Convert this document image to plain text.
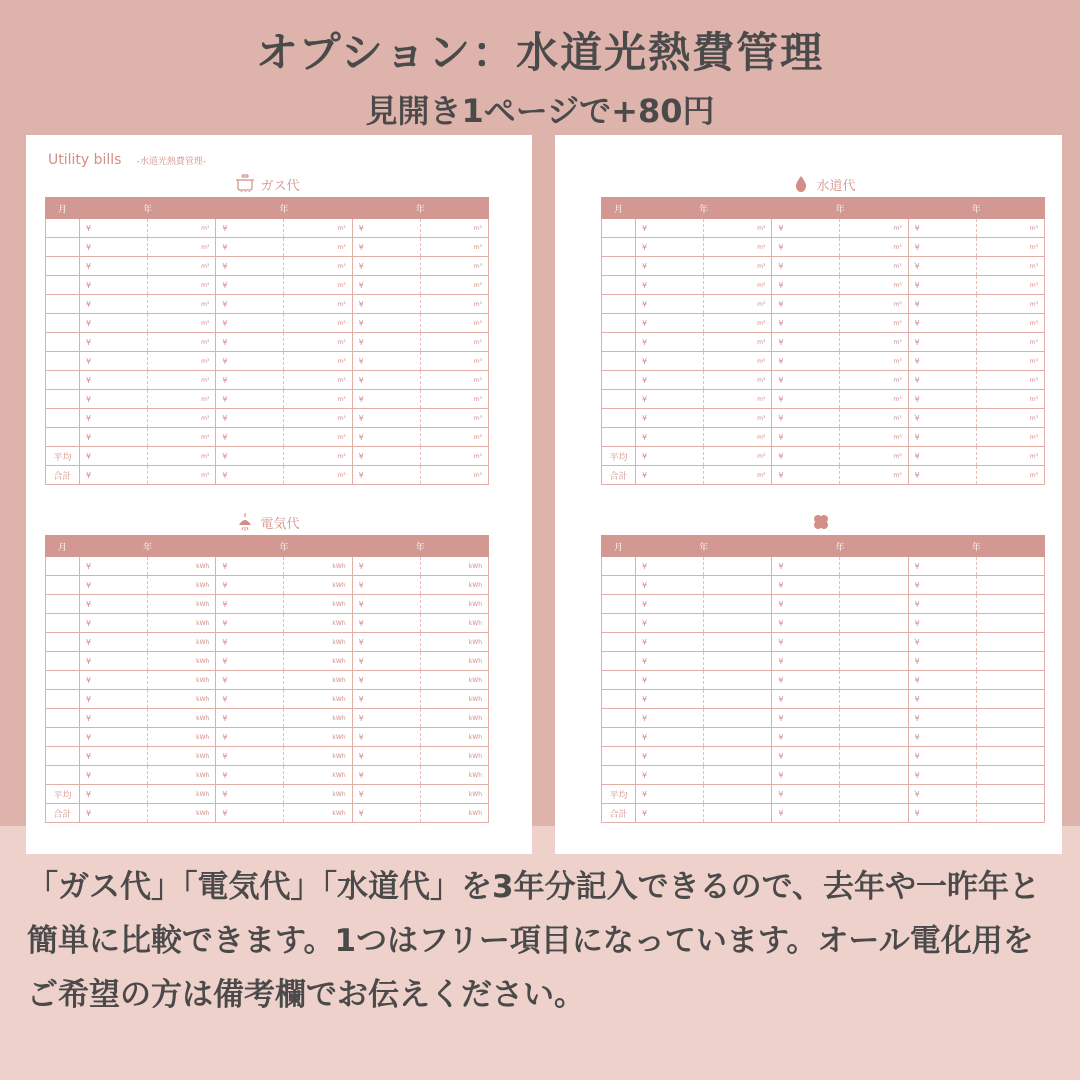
オプション：水道光熱費管理
見開き1ページで+80円
Utility bills -水道光熱費管理-
ガス代
月	年		年		年	
	¥	m³	¥	m³	¥	m³
	¥	m³	¥	m³	¥	m³
	¥	m³	¥	m³	¥	m³
	¥	m³	¥	m³	¥	m³
	¥	m³	¥	m³	¥	m³
	¥	m³	¥	m³	¥	m³
	¥	m³	¥	m³	¥	m³
	¥	m³	¥	m³	¥	m³
	¥	m³	¥	m³	¥	m³
	¥	m³	¥	m³	¥	m³
	¥	m³	¥	m³	¥	m³
	¥	m³	¥	m³	¥	m³
平均	¥	m³	¥	m³	¥	m³
合計	¥	m³	¥	m³	¥	m³
電気代
月	年		年		年	
	¥	kWh	¥	kWh	¥	kWh
	¥	kWh	¥	kWh	¥	kWh
	¥	kWh	¥	kWh	¥	kWh
	¥	kWh	¥	kWh	¥	kWh
	¥	kWh	¥	kWh	¥	kWh
	¥	kWh	¥	kWh	¥	kWh
	¥	kWh	¥	kWh	¥	kWh
	¥	kWh	¥	kWh	¥	kWh
	¥	kWh	¥	kWh	¥	kWh
	¥	kWh	¥	kWh	¥	kWh
	¥	kWh	¥	kWh	¥	kWh
	¥	kWh	¥	kWh	¥	kWh
平均	¥	kWh	¥	kWh	¥	kWh
合計	¥	kWh	¥	kWh	¥	kWh
水道代
月	年		年		年	
	¥	m³	¥	m³	¥	m³
	¥	m³	¥	m³	¥	m³
	¥	m³	¥	m³	¥	m³
	¥	m³	¥	m³	¥	m³
	¥	m³	¥	m³	¥	m³
	¥	m³	¥	m³	¥	m³
	¥	m³	¥	m³	¥	m³
	¥	m³	¥	m³	¥	m³
	¥	m³	¥	m³	¥	m³
	¥	m³	¥	m³	¥	m³
	¥	m³	¥	m³	¥	m³
	¥	m³	¥	m³	¥	m³
平均	¥	m³	¥	m³	¥	m³
合計	¥	m³	¥	m³	¥	m³
月	年		年		年	
	¥		¥		¥	
	¥		¥		¥	
	¥		¥		¥	
	¥		¥		¥	
	¥		¥		¥	
	¥		¥		¥	
	¥		¥		¥	
	¥		¥		¥	
	¥		¥		¥	
	¥		¥		¥	
	¥		¥		¥	
	¥		¥		¥	
平均	¥		¥		¥	
合計	¥		¥		¥	
「ガス代」「電気代」「水道代」を3年分記入できるので、去年や一昨年と簡単に比較できます。1つはフリー項目になっています。オール電化用をご希望の方は備考欄でお伝えください。
